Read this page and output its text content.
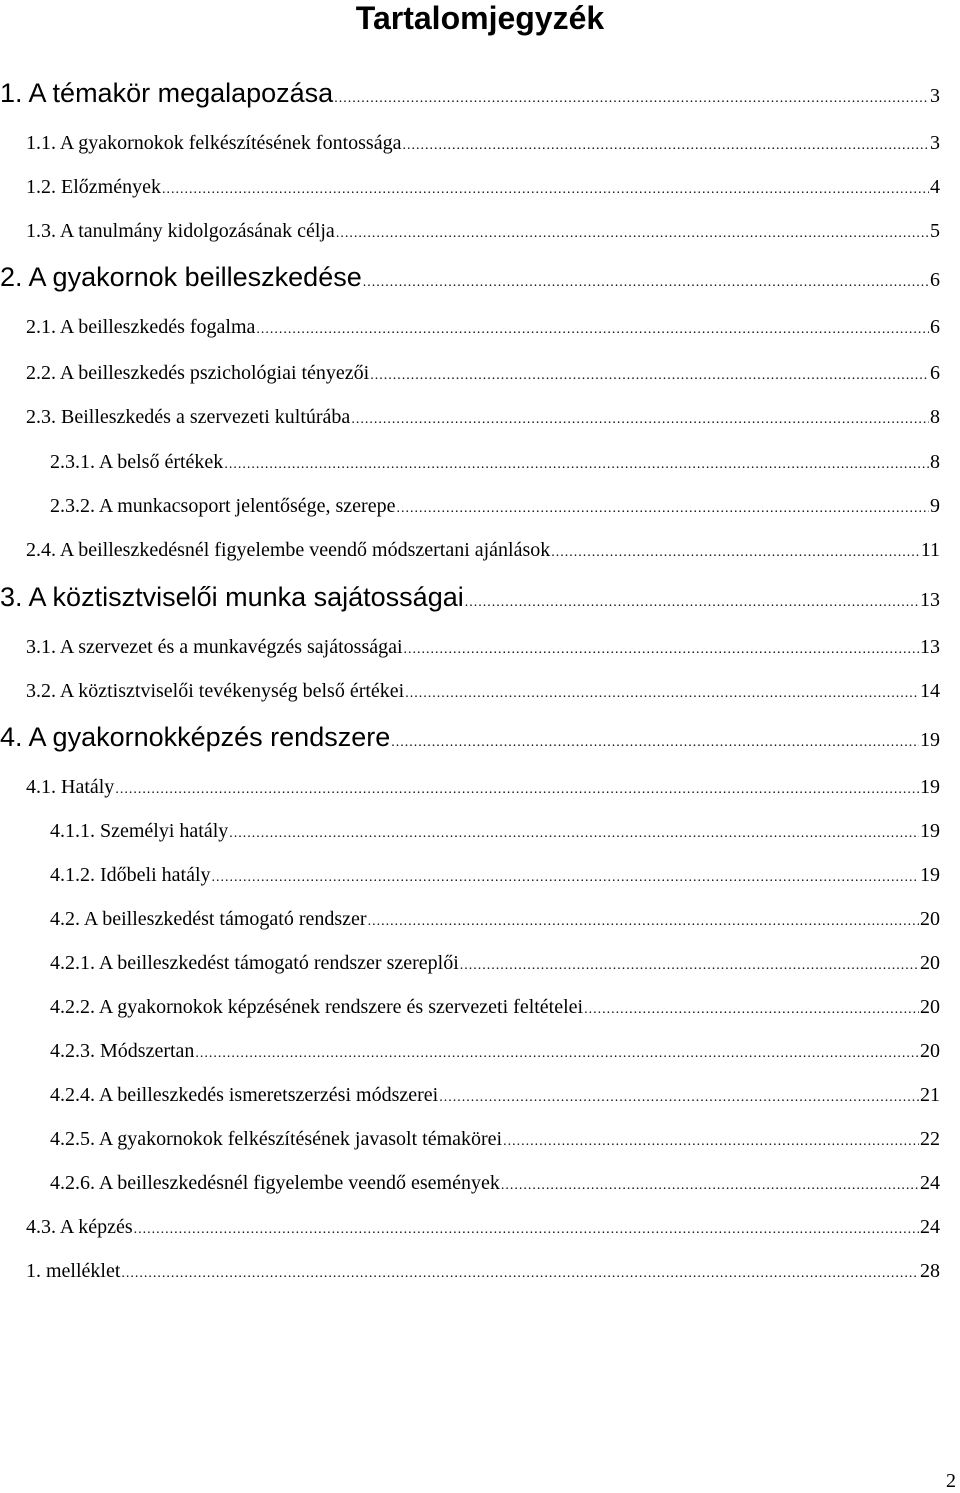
Tartalomjegyzék
1. A témakör megalapozása .....	3
1.1. A gyakornokok felkészítésének fontossága .....	3
1.2. Előzmények .....	4
1.3. A tanulmány kidolgozásának célja .....	5
2. A gyakornok beilleszkedése .....	6
2.1. A beilleszkedés fogalma .....	6
2.2. A beilleszkedés pszichológiai tényezői .....	6
2.3. Beilleszkedés a szervezeti kultúrába .....	8
2.3.1. A belső értékek .....	8
2.3.2. A munkacsoport jelentősége, szerepe .....	9
2.4. A beilleszkedésnél figyelembe veendő módszertani ajánlások .....	11
3. A köztisztviselői munka sajátosságai .....	13
3.1. A szervezet és a munkavégzés sajátosságai .....	13
3.2. A köztisztviselői tevékenység belső értékei .....	14
4. A gyakornokképzés rendszere .....	19
4.1. Hatály .....	19
4.1.1. Személyi hatály .....	19
4.1.2. Időbeli hatály .....	19
4.2. A beilleszkedést támogató rendszer .....	20
4.2.1. A beilleszkedést támogató rendszer szereplői .....	20
4.2.2. A gyakornokok képzésének rendszere és szervezeti feltételei .....	20
4.2.3. Módszertan .....	20
4.2.4. A beilleszkedés ismeretszerzési módszerei .....	21
4.2.5. A gyakornokok felkészítésének javasolt témakörei .....	22
4.2.6. A beilleszkedésnél figyelembe veendő események .....	24
4.3. A képzés .....	24
1. melléklet .....	28
2
